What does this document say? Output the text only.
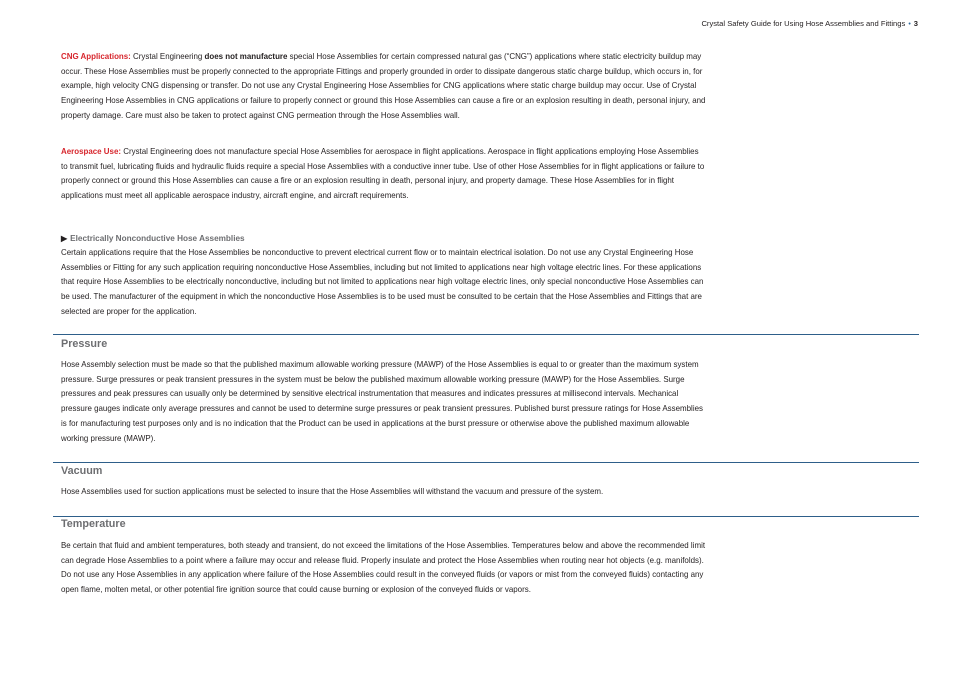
Crystal Safety Guide for Using Hose Assemblies and Fittings • 3

CNG Applications: Crystal Engineering does not manufacture special Hose Assemblies for certain compressed natural gas (“CNG”) applications where static electricity buildup may occur. These Hose Assemblies must be properly connected to the appropriate Fittings and properly grounded in order to dissipate dangerous static charge buildup, which occurs in, for example, high velocity CNG dispensing or transfer. Do not use any Crystal Engineering Hose Assemblies for CNG applications where static charge buildup may occur. Use of Crystal Engineering Hose Assemblies in CNG applications or failure to properly connect or ground this Hose Assemblies can cause a fire or an explosion resulting in death, personal injury, and property damage. Care must also be taken to protect against CNG permeation through the Hose Assemblies wall.

Aerospace Use: Crystal Engineering does not manufacture special Hose Assemblies for aerospace in flight applications. Aerospace in flight applications employing Hose Assemblies to transmit fuel, lubricating fluids and hydraulic fluids require a special Hose Assemblies with a conductive inner tube. Use of other Hose Assemblies for in flight applications or failure to properly connect or ground this Hose Assemblies can cause a fire or an explosion resulting in death, personal injury, and property damage. These Hose Assemblies for in flight applications must meet all applicable aerospace industry, aircraft engine, and aircraft requirements.

▶ Electrically Nonconductive Hose Assemblies

Certain applications require that the Hose Assemblies be nonconductive to prevent electrical current flow or to maintain electrical isolation. Do not use any Crystal Engineering Hose Assemblies or Fitting for any such application requiring nonconductive Hose Assemblies, including but not limited to applications near high voltage electric lines. For these applications that require Hose Assemblies to be electrically nonconductive, including but not limited to applications near high voltage electric lines, only special nonconductive Hose Assemblies can be used. The manufacturer of the equipment in which the nonconductive Hose Assemblies is to be used must be consulted to be certain that the Hose Assemblies and Fittings that are selected are proper for the application.

Pressure

Hose Assembly selection must be made so that the published maximum allowable working pressure (MAWP) of the Hose Assemblies is equal to or greater than the maximum system pressure. Surge pressures or peak transient pressures in the system must be below the published maximum allowable working pressure (MAWP) for the Hose Assemblies. Surge pressures and peak pressures can usually only be determined by sensitive electrical instrumentation that measures and indicates pressures at millisecond intervals. Mechanical pressure gauges indicate only average pressures and cannot be used to determine surge pressures or peak transient pressures. Published burst pressure ratings for Hose Assemblies is for manufacturing test purposes only and is no indication that the Product can be used in applications at the burst pressure or otherwise above the published maximum allowable working pressure (MAWP).

Vacuum

Hose Assemblies used for suction applications must be selected to insure that the Hose Assemblies will withstand the vacuum and pressure of the system.

Temperature

Be certain that fluid and ambient temperatures, both steady and transient, do not exceed the limitations of the Hose Assemblies. Temperatures below and above the recommended limit can degrade Hose Assemblies to a point where a failure may occur and release fluid. Properly insulate and protect the Hose Assemblies when routing near hot objects (e.g. manifolds). Do not use any Hose Assemblies in any application where failure of the Hose Assemblies could result in the conveyed fluids (or vapors or mist from the conveyed fluids) contacting any open flame, molten metal, or other potential fire ignition source that could cause burning or explosion of the conveyed fluids or vapors.
